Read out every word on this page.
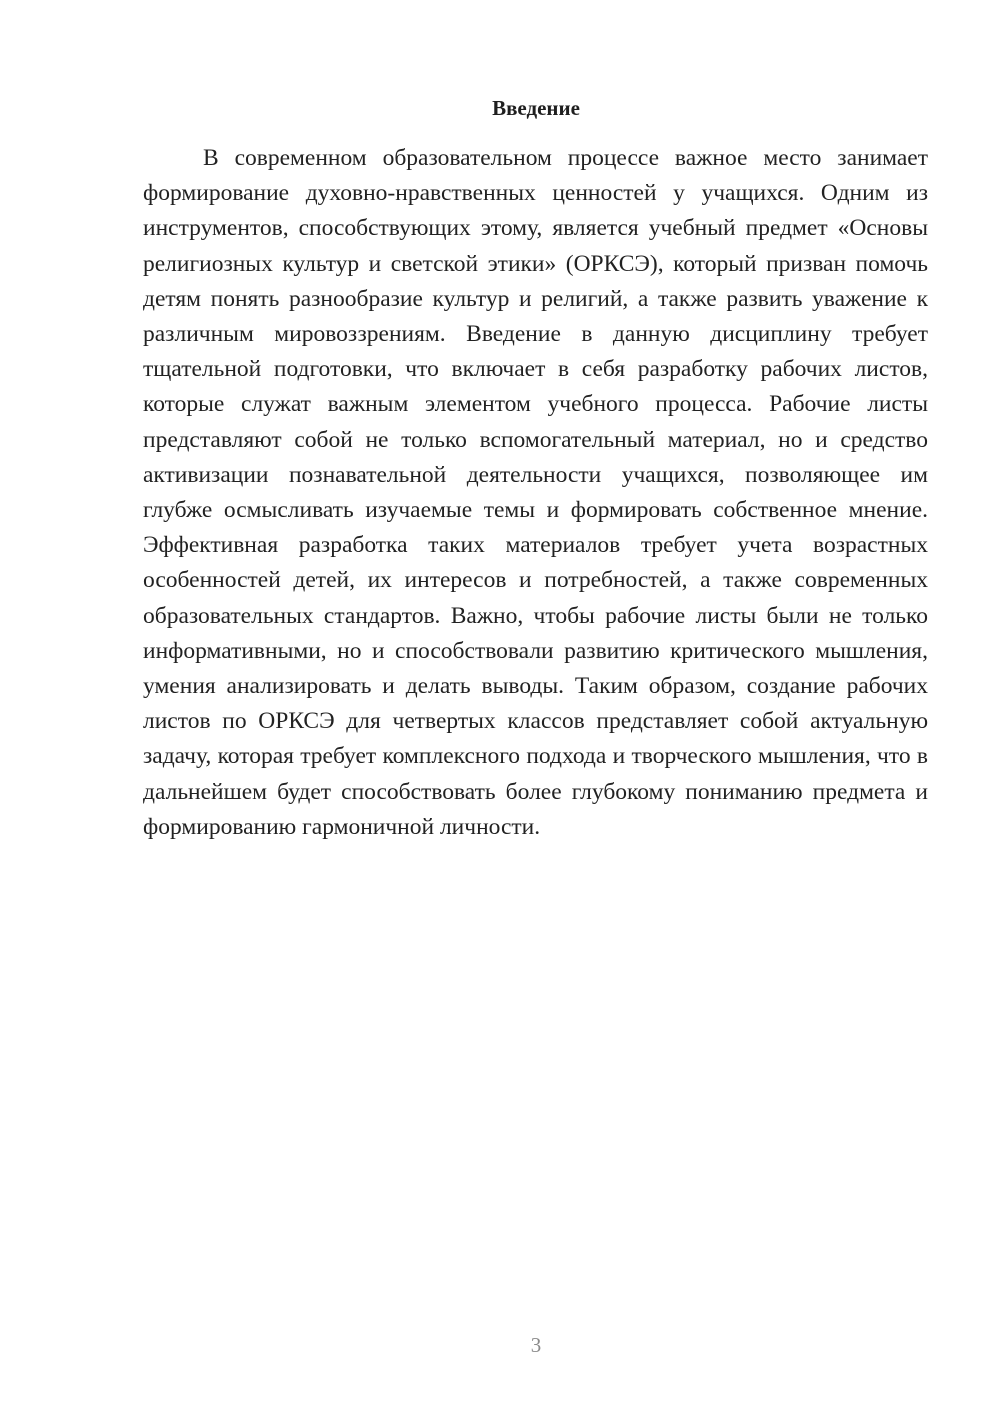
Введение

В современном образовательном процессе важное место занимает формирование духовно-нравственных ценностей у учащихся. Одним из инструментов, способствующих этому, является учебный предмет «Основы религиозных культур и светской этики» (ОРКСЭ), который призван помочь детям понять разнообразие культур и религий, а также развить уважение к различным мировоззрениям. Введение в данную дисциплину требует тщательной подготовки, что включает в себя разработку рабочих листов, которые служат важным элементом учебного процесса. Рабочие листы представляют собой не только вспомогательный материал, но и средство активизации познавательной деятельности учащихся, позволяющее им глубже осмысливать изучаемые темы и формировать собственное мнение. Эффективная разработка таких материалов требует учета возрастных особенностей детей, их интересов и потребностей, а также современных образовательных стандартов. Важно, чтобы рабочие листы были не только информативными, но и способствовали развитию критического мышления, умения анализировать и делать выводы. Таким образом, создание рабочих листов по ОРКСЭ для четвертых классов представляет собой актуальную задачу, которая требует комплексного подхода и творческого мышления, что в дальнейшем будет способствовать более глубокому пониманию предмета и формированию гармоничной личности.

3
